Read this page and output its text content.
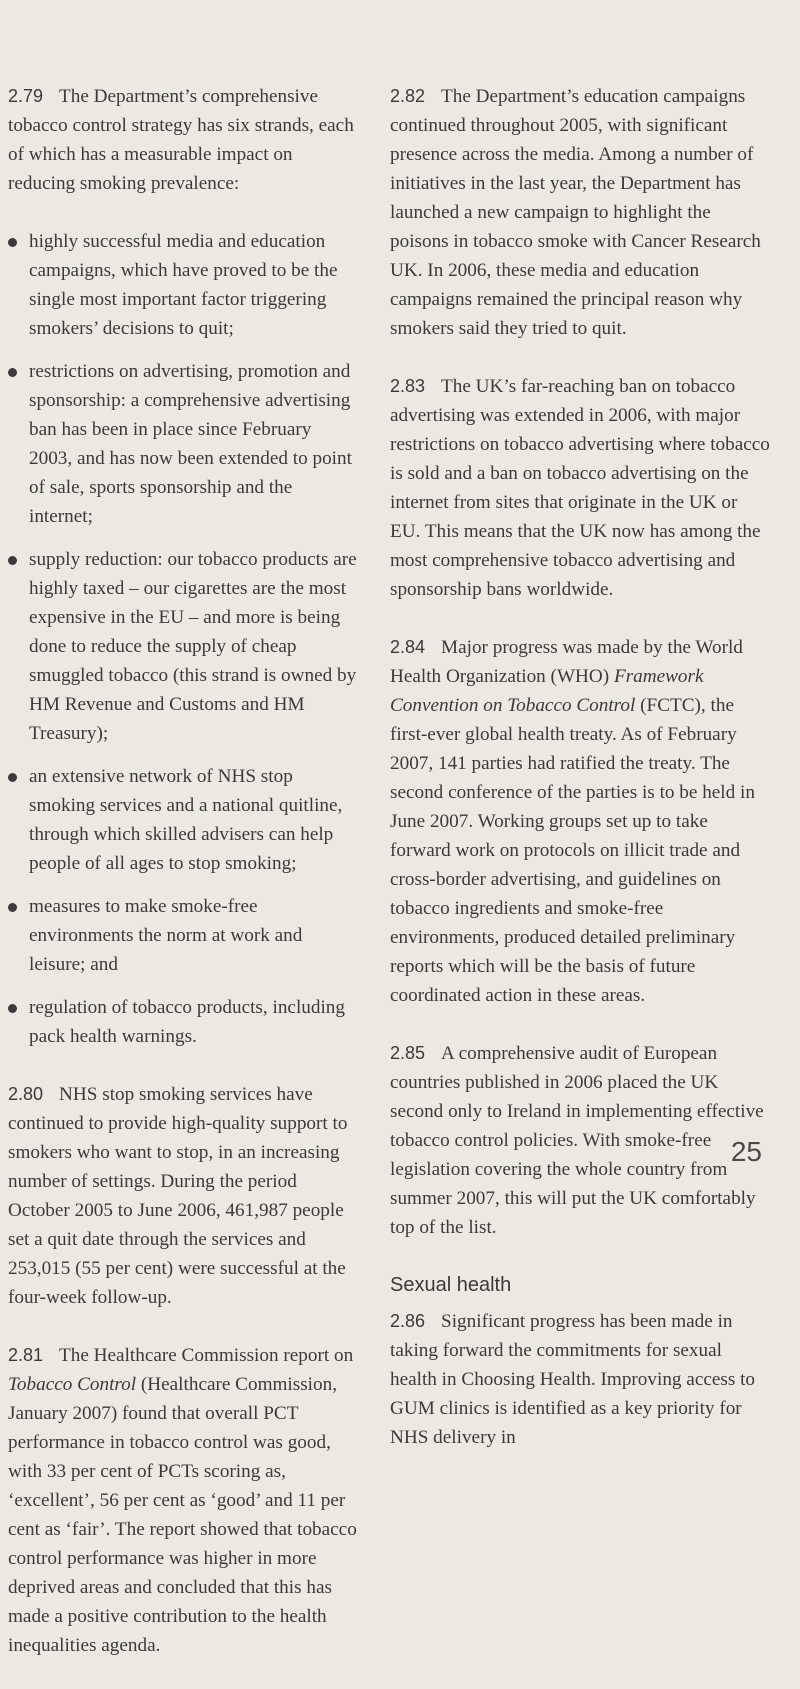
2.79 The Department’s comprehensive tobacco control strategy has six strands, each of which has a measurable impact on reducing smoking prevalence:

highly successful media and education campaigns, which have proved to be the single most important factor triggering smokers’ decisions to quit;
restrictions on advertising, promotion and sponsorship: a comprehensive advertising ban has been in place since February 2003, and has now been extended to point of sale, sports sponsorship and the internet;
supply reduction: our tobacco products are highly taxed – our cigarettes are the most expensive in the EU – and more is being done to reduce the supply of cheap smuggled tobacco (this strand is owned by HM Revenue and Customs and HM Treasury);
an extensive network of NHS stop smoking services and a national quitline, through which skilled advisers can help people of all ages to stop smoking;
measures to make smoke-free environments the norm at work and leisure; and
regulation of tobacco products, including pack health warnings.

2.80 NHS stop smoking services have continued to provide high-quality support to smokers who want to stop, in an increasing number of settings. During the period October 2005 to June 2006, 461,987 people set a quit date through the services and 253,015 (55 per cent) were successful at the four-week follow-up.

2.81 The Healthcare Commission report on Tobacco Control (Healthcare Commission, January 2007) found that overall PCT performance in tobacco control was good, with 33 per cent of PCTs scoring as, ‘excellent’, 56 per cent as ‘good’ and 11 per cent as ‘fair’. The report showed that tobacco control performance was higher in more deprived areas and concluded that this has made a positive contribution to the health inequalities agenda.

2.82 The Department’s education campaigns continued throughout 2005, with significant presence across the media. Among a number of initiatives in the last year, the Department has launched a new campaign to highlight the poisons in tobacco smoke with Cancer Research UK. In 2006, these media and education campaigns remained the principal reason why smokers said they tried to quit.

2.83 The UK’s far-reaching ban on tobacco advertising was extended in 2006, with major restrictions on tobacco advertising where tobacco is sold and a ban on tobacco advertising on the internet from sites that originate in the UK or EU. This means that the UK now has among the most comprehensive tobacco advertising and sponsorship bans worldwide.

2.84 Major progress was made by the World Health Organization (WHO) Framework Convention on Tobacco Control (FCTC), the first-ever global health treaty. As of February 2007, 141 parties had ratified the treaty. The second conference of the parties is to be held in June 2007. Working groups set up to take forward work on protocols on illicit trade and cross-border advertising, and guidelines on tobacco ingredients and smoke-free environments, produced detailed preliminary reports which will be the basis of future coordinated action in these areas.

2.85 A comprehensive audit of European countries published in 2006 placed the UK second only to Ireland in implementing effective tobacco control policies. With smoke-free legislation covering the whole country from summer 2007, this will put the UK comfortably top of the list.

Sexual health

2.86 Significant progress has been made in taking forward the commitments for sexual health in Choosing Health. Improving access to GUM clinics is identified as a key priority for NHS delivery in

25
